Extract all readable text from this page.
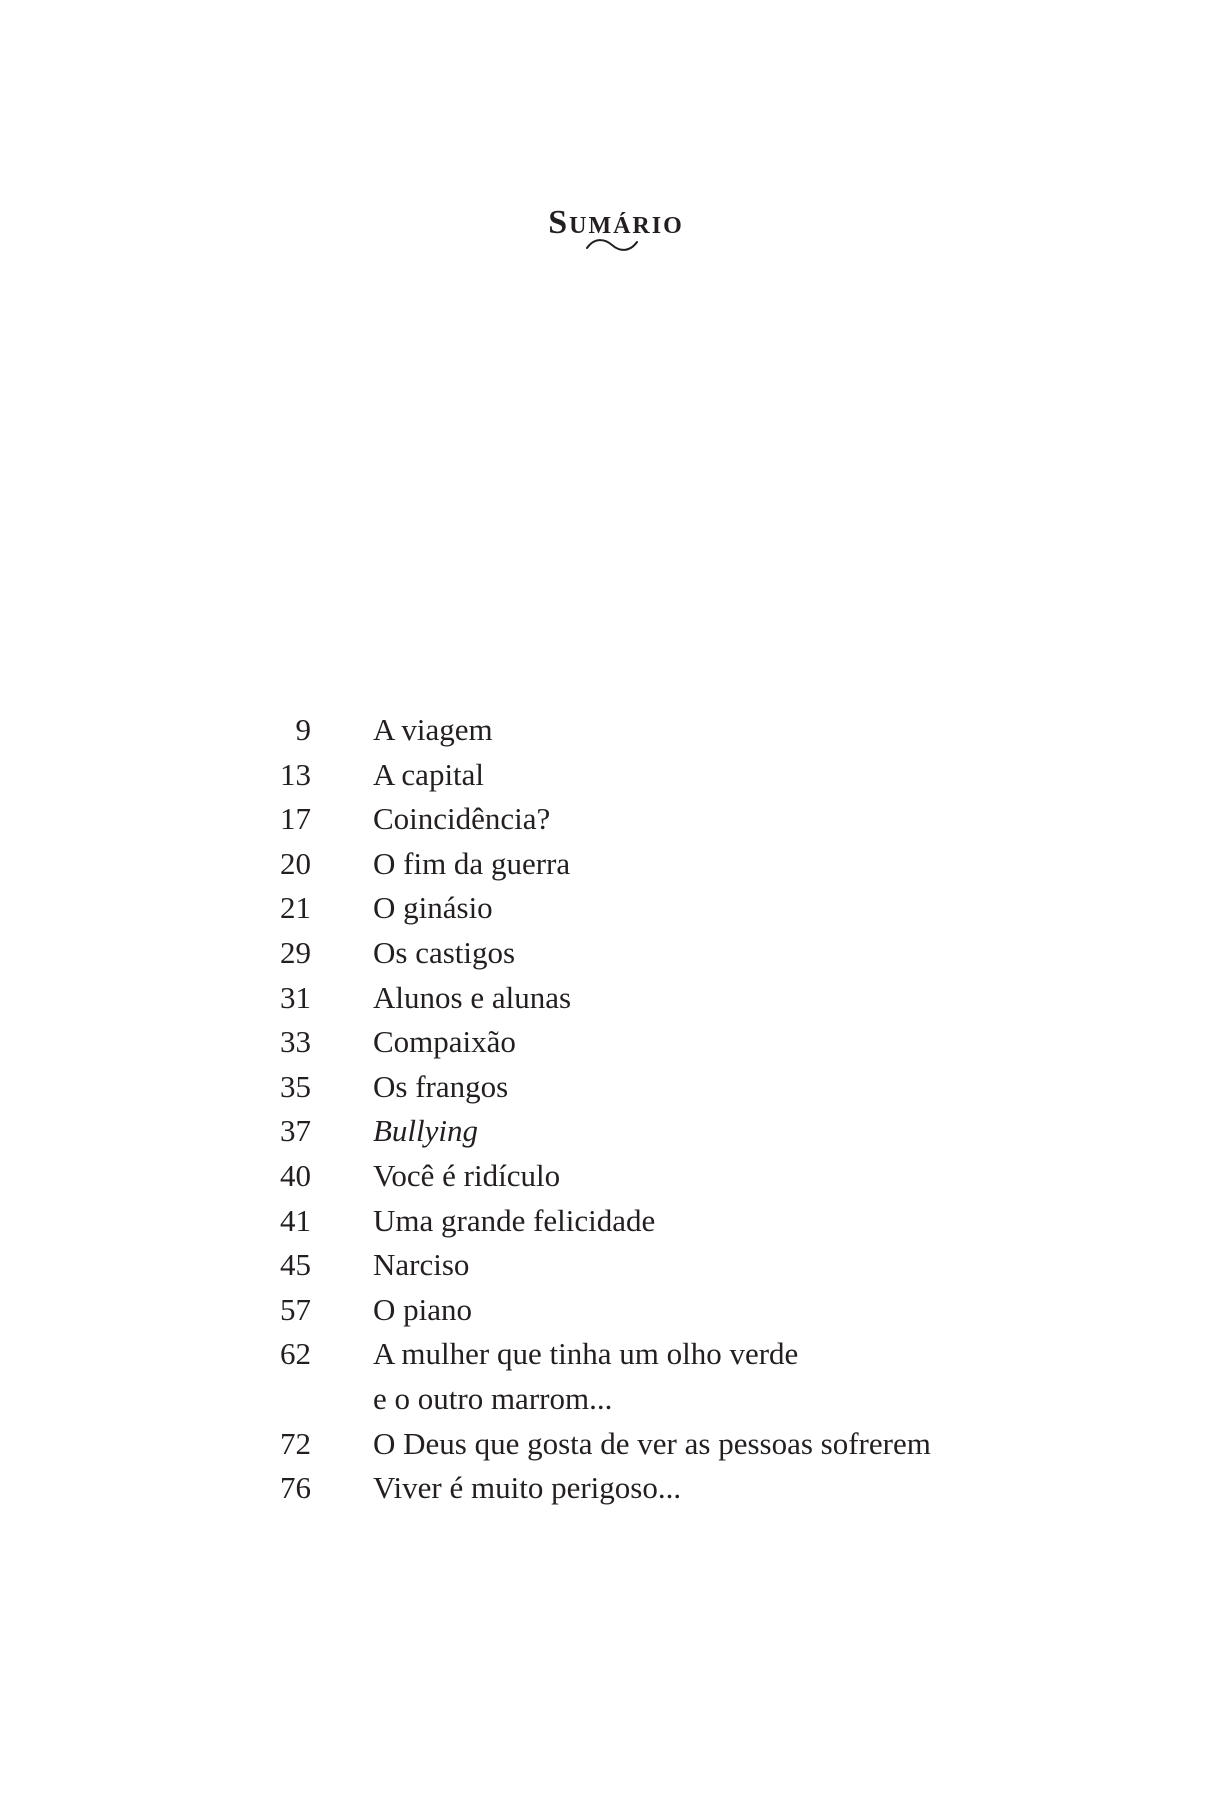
Sumário
9 A viagem
13 A capital
17 Coincidência?
20 O fim da guerra
21 O ginásio
29 Os castigos
31 Alunos e alunas
33 Compaixão
35 Os frangos
37 Bullying
40 Você é ridículo
41 Uma grande felicidade
45 Narciso
57 O piano
62 A mulher que tinha um olho verde
e o outro marrom...
72 O Deus que gosta de ver as pessoas sofrerem
76 Viver é muito perigoso...
